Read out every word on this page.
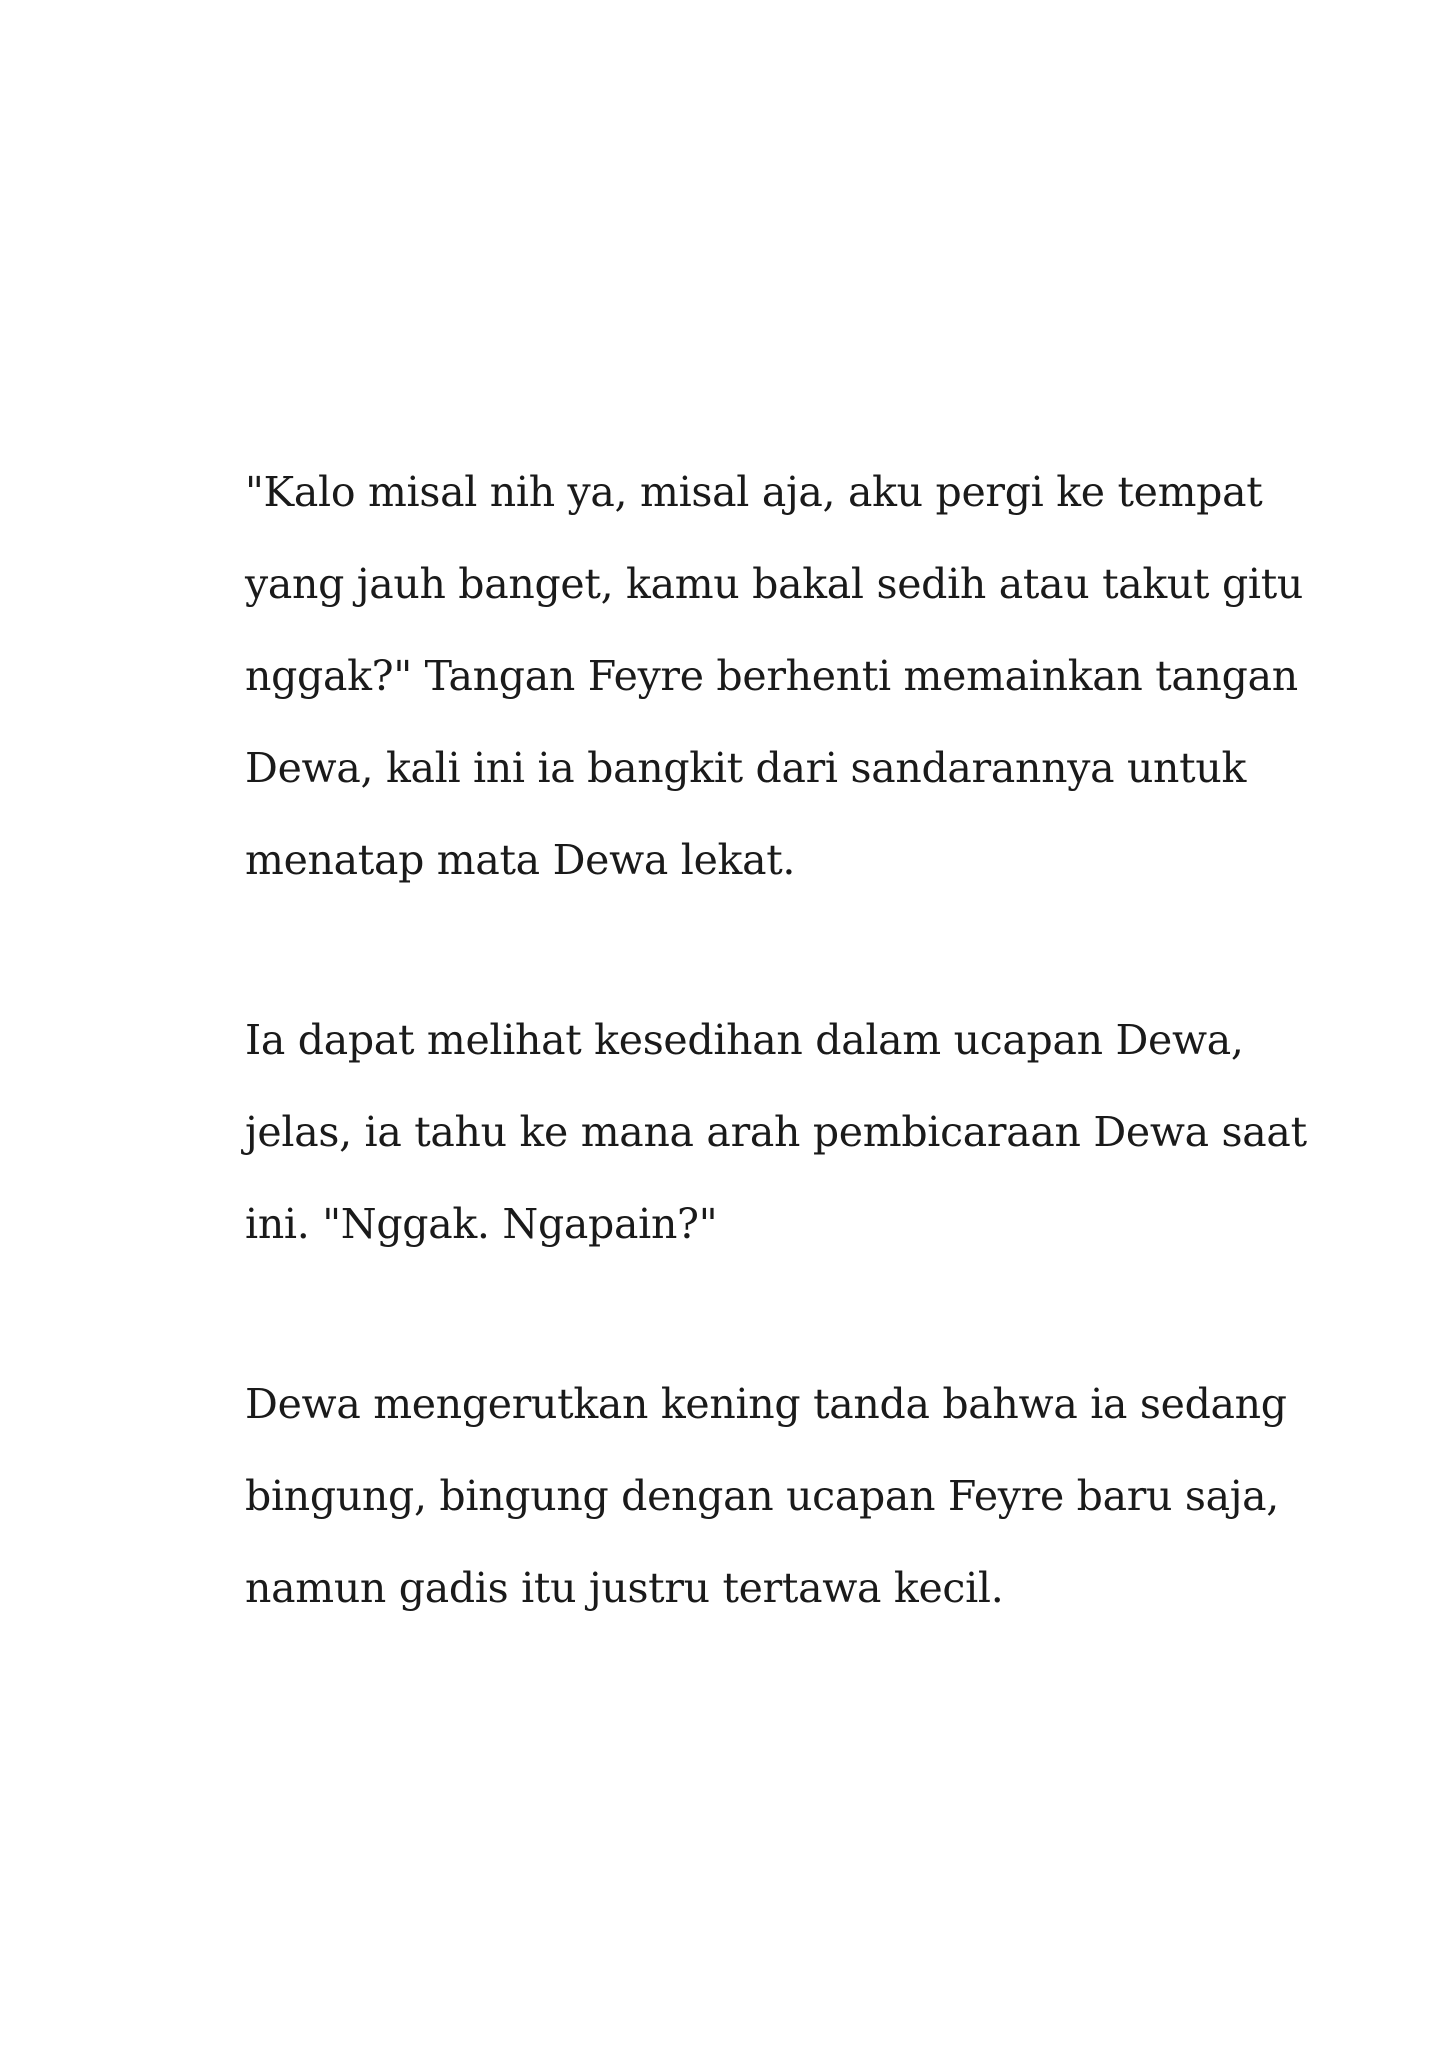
"Kalo misal nih ya, misal aja, aku pergi ke tempat
yang jauh banget, kamu bakal sedih atau takut gitu
nggak?" Tangan Feyre berhenti memainkan tangan
Dewa, kali ini ia bangkit dari sandarannya untuk
menatap mata Dewa lekat.

Ia dapat melihat kesedihan dalam ucapan Dewa,
jelas, ia tahu ke mana arah pembicaraan Dewa saat
ini. "Nggak. Ngapain?"

Dewa mengerutkan kening tanda bahwa ia sedang
bingung, bingung dengan ucapan Feyre baru saja,
namun gadis itu justru tertawa kecil.
